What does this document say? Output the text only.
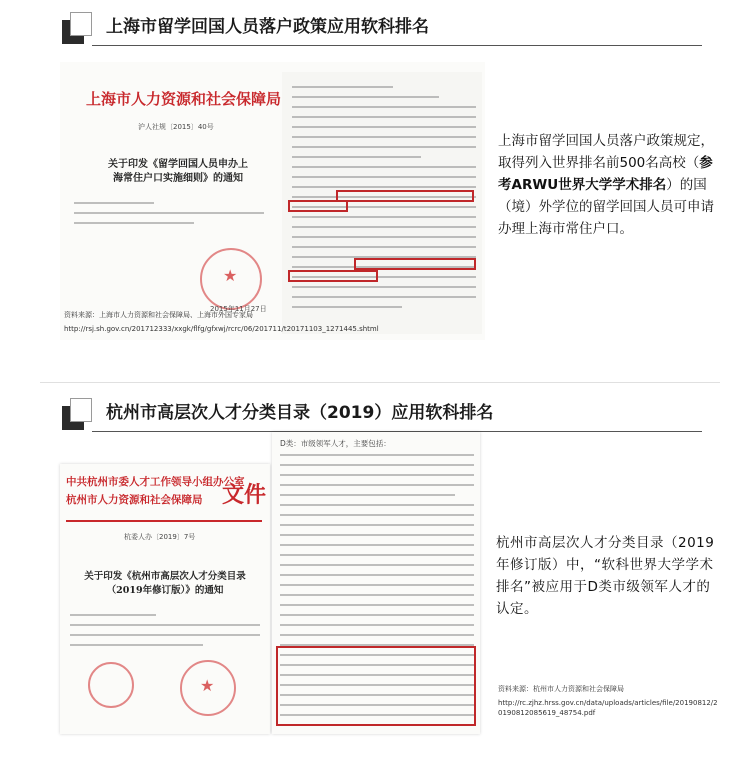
上海市留学回国人员落户政策应用软科排名
上海市人力资源和社会保障局
沪人社规〔2015〕40号
关于印发《留学回国人员申办上海常住户口实施细则》的通知
★
2015年11月27日
资料来源：上海市人力资源和社会保障局、上海市外国专家局
http://rsj.sh.gov.cn/201712333/xxgk/flfg/gfxwj/rcrc/06/201711/t20171103_1271445.shtml
上海市留学回国人员落户政策规定，取得列入世界排名前500名高校（参考ARWU世界大学学术排名）的国（境）外学位的留学回国人员可申请办理上海市常住户口。
杭州市高层次人才分类目录（2019）应用软科排名
中共杭州市委人才工作领导小组办公室
杭州市人力资源和社会保障局 文件
杭委人办〔2019〕7号
关于印发《杭州市高层次人才分类目录（2019年修订版）》的通知
★
D类：市级领军人才，主要包括：
杭州市高层次人才分类目录（2019年修订版）中，“软科世界大学学术排名”被应用于D类市级领军人才的认定。
资料来源：杭州市人力资源和社会保障局
http://rc.zjhz.hrss.gov.cn/data/uploads/articles/file/20190812/20190812085619_48754.pdf
